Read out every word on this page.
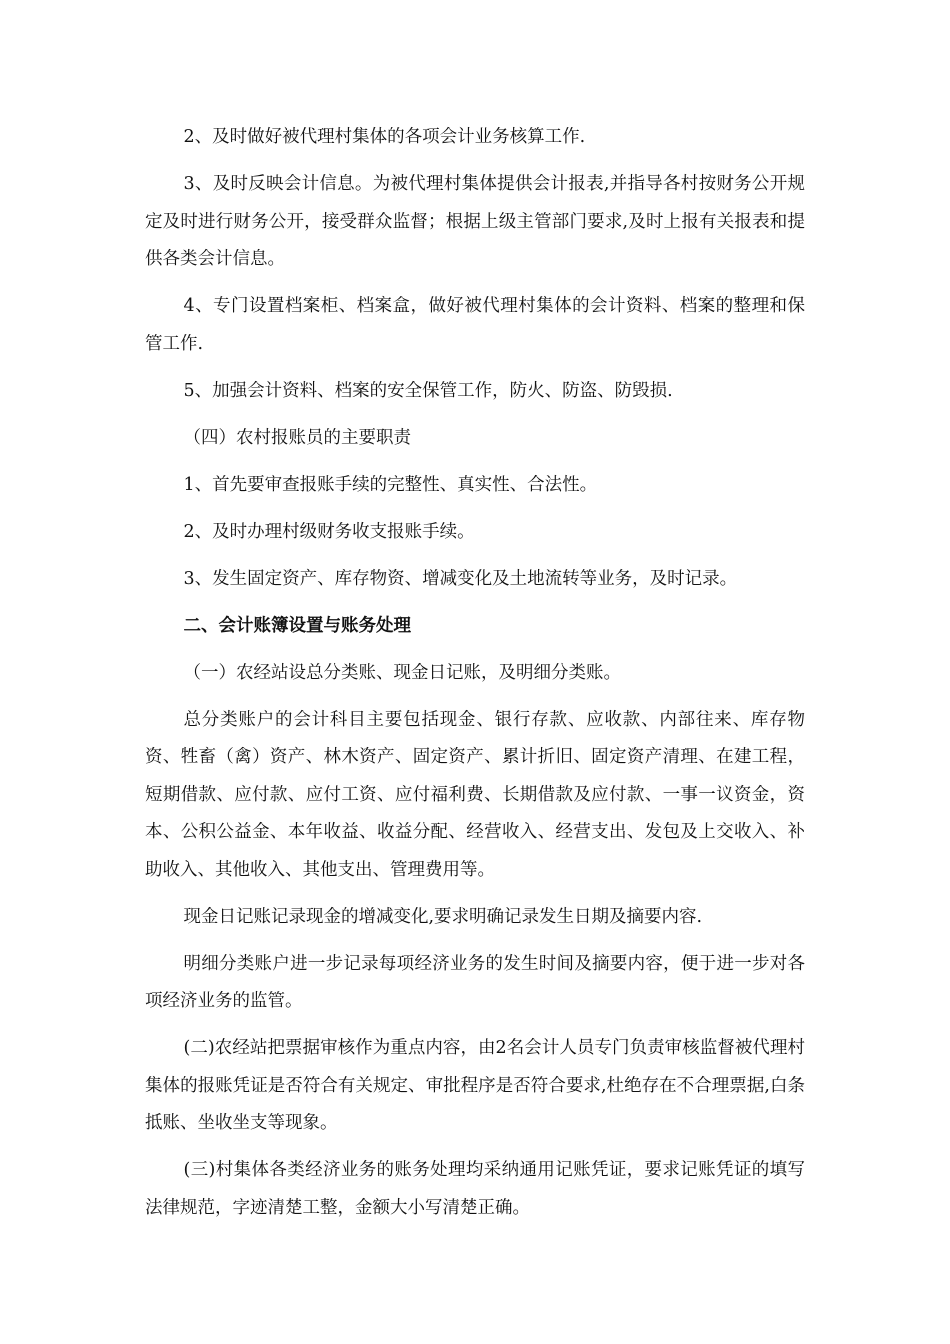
2、及时做好被代理村集体的各项会计业务核算工作.

3、及时反映会计信息。为被代理村集体提供会计报表,并指导各村按财务公开规定及时进行财务公开，接受群众监督；根据上级主管部门要求,及时上报有关报表和提供各类会计信息。

4、专门设置档案柜、档案盒，做好被代理村集体的会计资料、档案的整理和保管工作.

5、加强会计资料、档案的安全保管工作，防火、防盗、防毁损.

（四）农村报账员的主要职责

1、首先要审查报账手续的完整性、真实性、合法性。

2、及时办理村级财务收支报账手续。

3、发生固定资产、库存物资、增减变化及土地流转等业务，及时记录。

二、会计账簿设置与账务处理

（一）农经站设总分类账、现金日记账，及明细分类账。

总分类账户的会计科目主要包括现金、银行存款、应收款、内部往来、库存物资、牲畜（禽）资产、林木资产、固定资产、累计折旧、固定资产清理、在建工程，短期借款、应付款、应付工资、应付福利费、长期借款及应付款、一事一议资金，资本、公积公益金、本年收益、收益分配、经营收入、经营支出、发包及上交收入、补助收入、其他收入、其他支出、管理费用等。

现金日记账记录现金的增减变化,要求明确记录发生日期及摘要内容.

明细分类账户进一步记录每项经济业务的发生时间及摘要内容，便于进一步对各项经济业务的监管。

(二)农经站把票据审核作为重点内容，由2名会计人员专门负责审核监督被代理村集体的报账凭证是否符合有关规定、审批程序是否符合要求,杜绝存在不合理票据,白条抵账、坐收坐支等现象。

(三)村集体各类经济业务的账务处理均采纳通用记账凭证，要求记账凭证的填写法律规范，字迹清楚工整，金额大小写清楚正确。
